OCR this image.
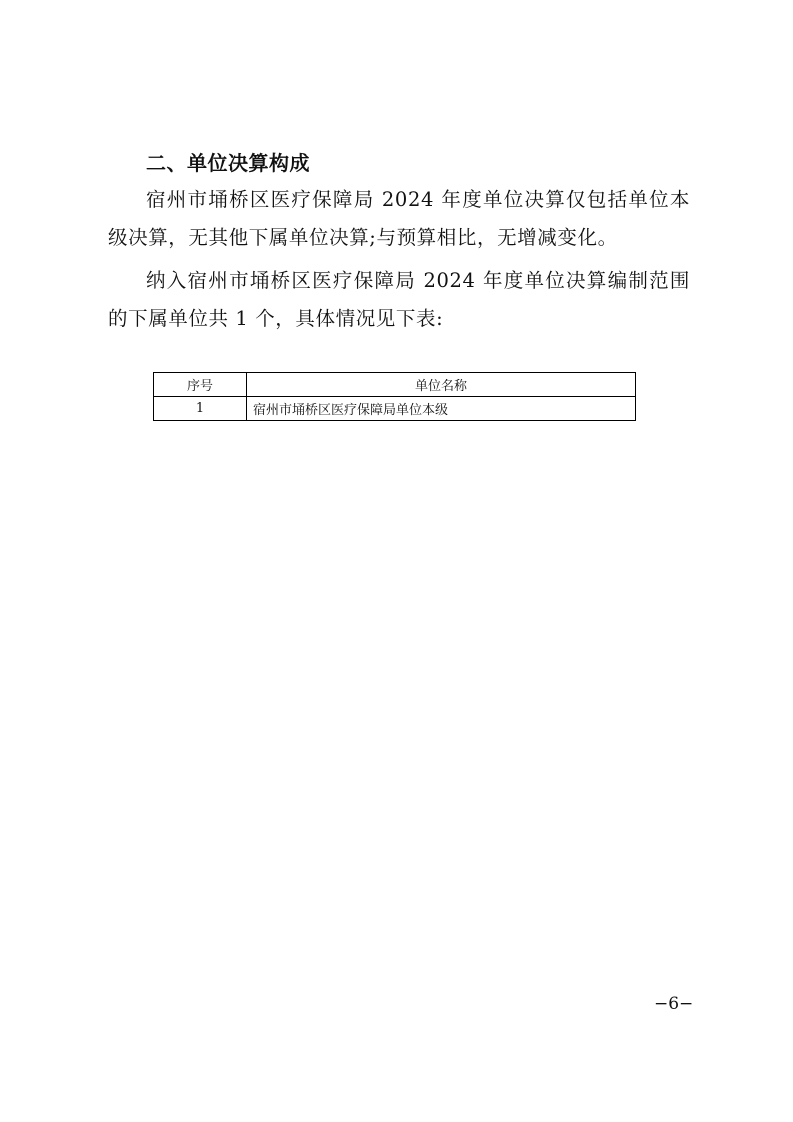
二、单位决算构成

宿州市埇桥区医疗保障局 2024 年度单位决算仅包括单位本级决算，无其他下属单位决算;与预算相比，无增减变化。

纳入宿州市埇桥区医疗保障局 2024 年度单位决算编制范围的下属单位共 1 个，具体情况见下表:

序号	单位名称
1	宿州市埇桥区医疗保障局单位本级

−6−
